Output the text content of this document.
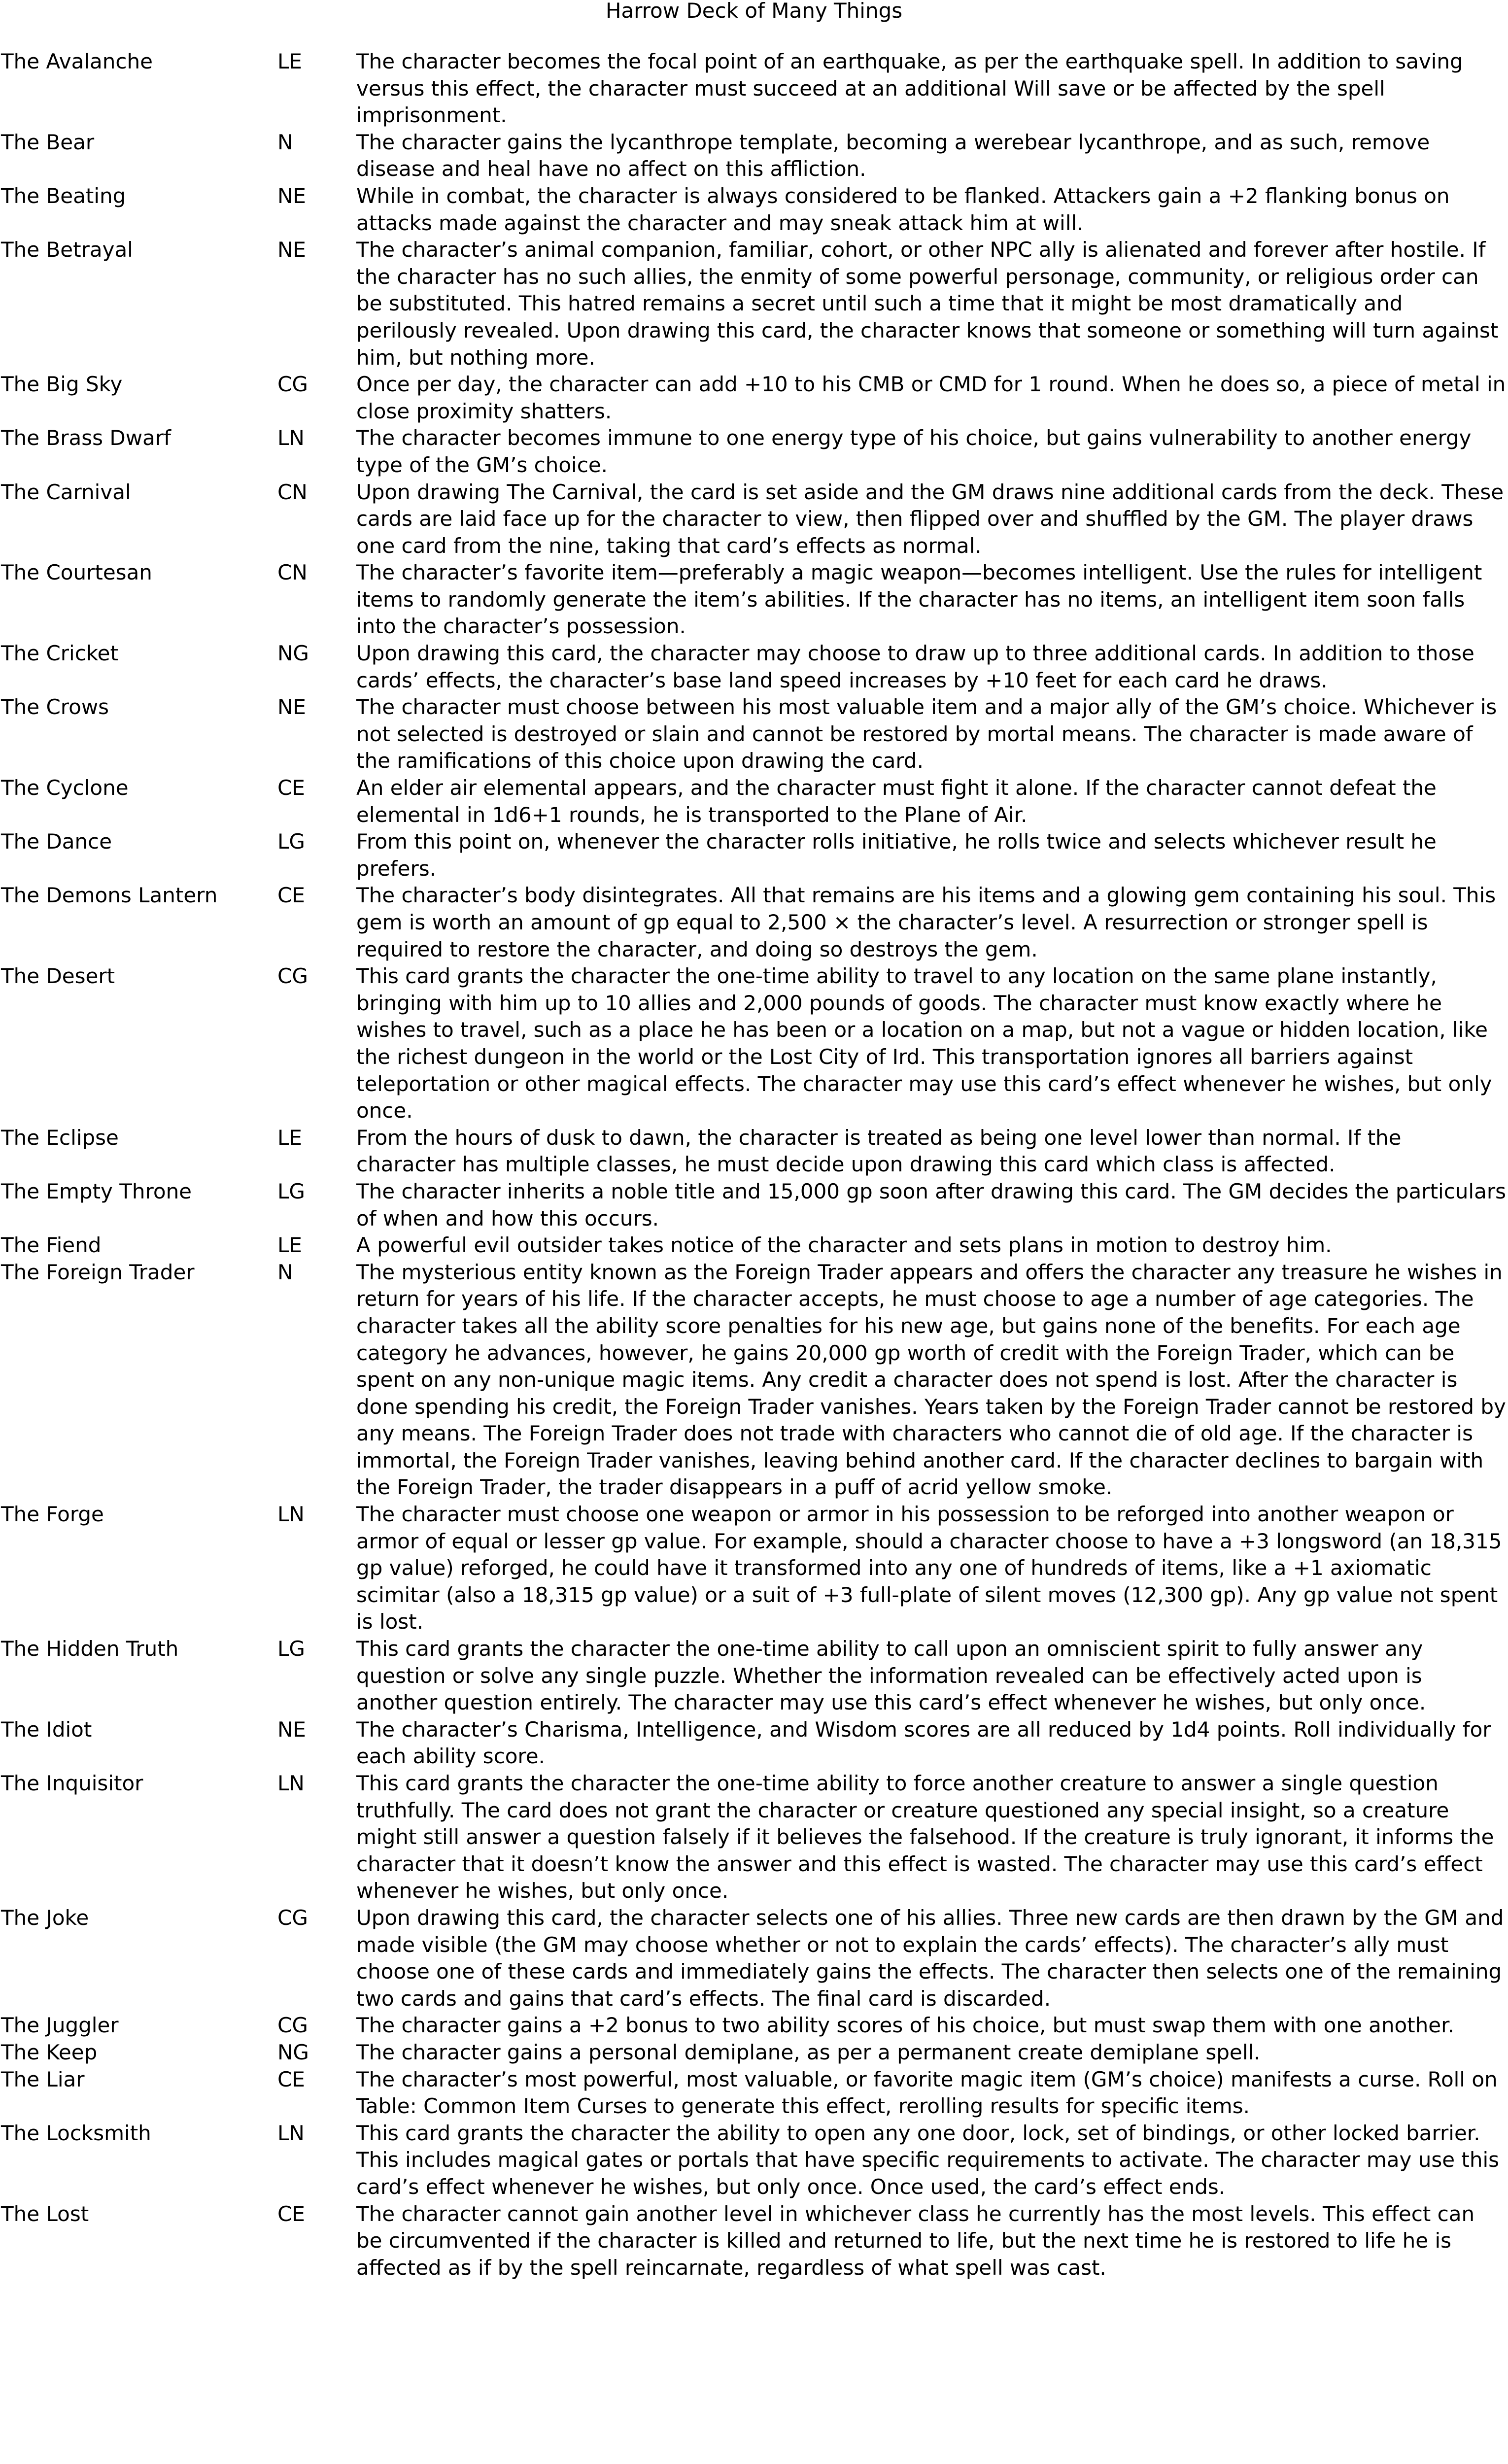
Harrow Deck of Many Things
The Avalanche	LE	The character becomes the focal point of an earthquake, as per the earthquake spell. In addition to saving versus this effect, the character must succeed at an additional Will save or be affected by the spell imprisonment.
The Bear	N	The character gains the lycanthrope template, becoming a werebear lycanthrope, and as such, remove disease and heal have no affect on this affliction.
The Beating	NE	While in combat, the character is always considered to be flanked. Attackers gain a +2 flanking bonus on attacks made against the character and may sneak attack him at will.
The Betrayal	NE	The character’s animal companion, familiar, cohort, or other NPC ally is alienated and forever after hostile. If the character has no such allies, the enmity of some powerful personage, community, or religious order can be substituted. This hatred remains a secret until such a time that it might be most dramatically and perilously revealed. Upon drawing this card, the character knows that someone or something will turn against him, but nothing more.
The Big Sky	CG	Once per day, the character can add +10 to his CMB or CMD for 1 round. When he does so, a piece of metal in close proximity shatters.
The Brass Dwarf	LN	The character becomes immune to one energy type of his choice, but gains vulnerability to another energy type of the GM’s choice.
The Carnival	CN	Upon drawing The Carnival, the card is set aside and the GM draws nine additional cards from the deck. These cards are laid face up for the character to view, then flipped over and shuffled by the GM. The player draws one card from the nine, taking that card’s effects as normal.
The Courtesan	CN	The character’s favorite item—preferably a magic weapon—becomes intelligent. Use the rules for intelligent items to randomly generate the item’s abilities. If the character has no items, an intelligent item soon falls into the character’s possession.
The Cricket	NG	Upon drawing this card, the character may choose to draw up to three additional cards. In addition to those cards’ effects, the character’s base land speed increases by +10 feet for each card he draws.
The Crows	NE	The character must choose between his most valuable item and a major ally of the GM’s choice. Whichever is not selected is destroyed or slain and cannot be restored by mortal means. The character is made aware of the ramifications of this choice upon drawing the card.
The Cyclone	CE	An elder air elemental appears, and the character must fight it alone. If the character cannot defeat the elemental in 1d6+1 rounds, he is transported to the Plane of Air.
The Dance	LG	From this point on, whenever the character rolls initiative, he rolls twice and selects whichever result he prefers.
The Demons Lantern	CE	The character’s body disintegrates. All that remains are his items and a glowing gem containing his soul. This gem is worth an amount of gp equal to 2,500 × the character’s level. A resurrection or stronger spell is required to restore the character, and doing so destroys the gem.
The Desert	CG	This card grants the character the one-time ability to travel to any location on the same plane instantly, bringing with him up to 10 allies and 2,000 pounds of goods. The character must know exactly where he wishes to travel, such as a place he has been or a location on a map, but not a vague or hidden location, like the richest dungeon in the world or the Lost City of Ird. This transportation ignores all barriers against teleportation or other magical effects. The character may use this card’s effect whenever he wishes, but only once.
The Eclipse	LE	From the hours of dusk to dawn, the character is treated as being one level lower than normal. If the character has multiple classes, he must decide upon drawing this card which class is affected.
The Empty Throne	LG	The character inherits a noble title and 15,000 gp soon after drawing this card. The GM decides the particulars of when and how this occurs.
The Fiend	LE	A powerful evil outsider takes notice of the character and sets plans in motion to destroy him.
The Foreign Trader	N	The mysterious entity known as the Foreign Trader appears and offers the character any treasure he wishes in return for years of his life. If the character accepts, he must choose to age a number of age categories. The character takes all the ability score penalties for his new age, but gains none of the benefits. For each age category he advances, however, he gains 20,000 gp worth of credit with the Foreign Trader, which can be spent on any non-unique magic items. Any credit a character does not spend is lost. After the character is done spending his credit, the Foreign Trader vanishes. Years taken by the Foreign Trader cannot be restored by any means. The Foreign Trader does not trade with characters who cannot die of old age. If the character is immortal, the Foreign Trader vanishes, leaving behind another card. If the character declines to bargain with the Foreign Trader, the trader disappears in a puff of acrid yellow smoke.
The Forge	LN	The character must choose one weapon or armor in his possession to be reforged into another weapon or armor of equal or lesser gp value. For example, should a character choose to have a +3 longsword (an 18,315 gp value) reforged, he could have it transformed into any one of hundreds of items, like a +1 axiomatic scimitar (also a 18,315 gp value) or a suit of +3 full-plate of silent moves (12,300 gp). Any gp value not spent is lost.
The Hidden Truth	LG	This card grants the character the one-time ability to call upon an omniscient spirit to fully answer any question or solve any single puzzle. Whether the information revealed can be effectively acted upon is another question entirely. The character may use this card’s effect whenever he wishes, but only once.
The Idiot	NE	The character’s Charisma, Intelligence, and Wisdom scores are all reduced by 1d4 points. Roll individually for each ability score.
The Inquisitor	LN	This card grants the character the one-time ability to force another creature to answer a single question truthfully. The card does not grant the character or creature questioned any special insight, so a creature might still answer a question falsely if it believes the falsehood. If the creature is truly ignorant, it informs the character that it doesn’t know the answer and this effect is wasted. The character may use this card’s effect whenever he wishes, but only once.
The Joke	CG	Upon drawing this card, the character selects one of his allies. Three new cards are then drawn by the GM and made visible (the GM may choose whether or not to explain the cards’ effects). The character’s ally must choose one of these cards and immediately gains the effects. The character then selects one of the remaining two cards and gains that card’s effects. The final card is discarded.
The Juggler	CG	The character gains a +2 bonus to two ability scores of his choice, but must swap them with one another.
The Keep	NG	The character gains a personal demiplane, as per a permanent create demiplane spell.
The Liar	CE	The character’s most powerful, most valuable, or favorite magic item (GM’s choice) manifests a curse. Roll on Table: Common Item Curses to generate this effect, rerolling results for specific items.
The Locksmith	LN	This card grants the character the ability to open any one door, lock, set of bindings, or other locked barrier. This includes magical gates or portals that have specific requirements to activate. The character may use this card’s effect whenever he wishes, but only once. Once used, the card’s effect ends.
The Lost	CE	The character cannot gain another level in whichever class he currently has the most levels. This effect can be circumvented if the character is killed and returned to life, but the next time he is restored to life he is affected as if by the spell reincarnate, regardless of what spell was cast.
